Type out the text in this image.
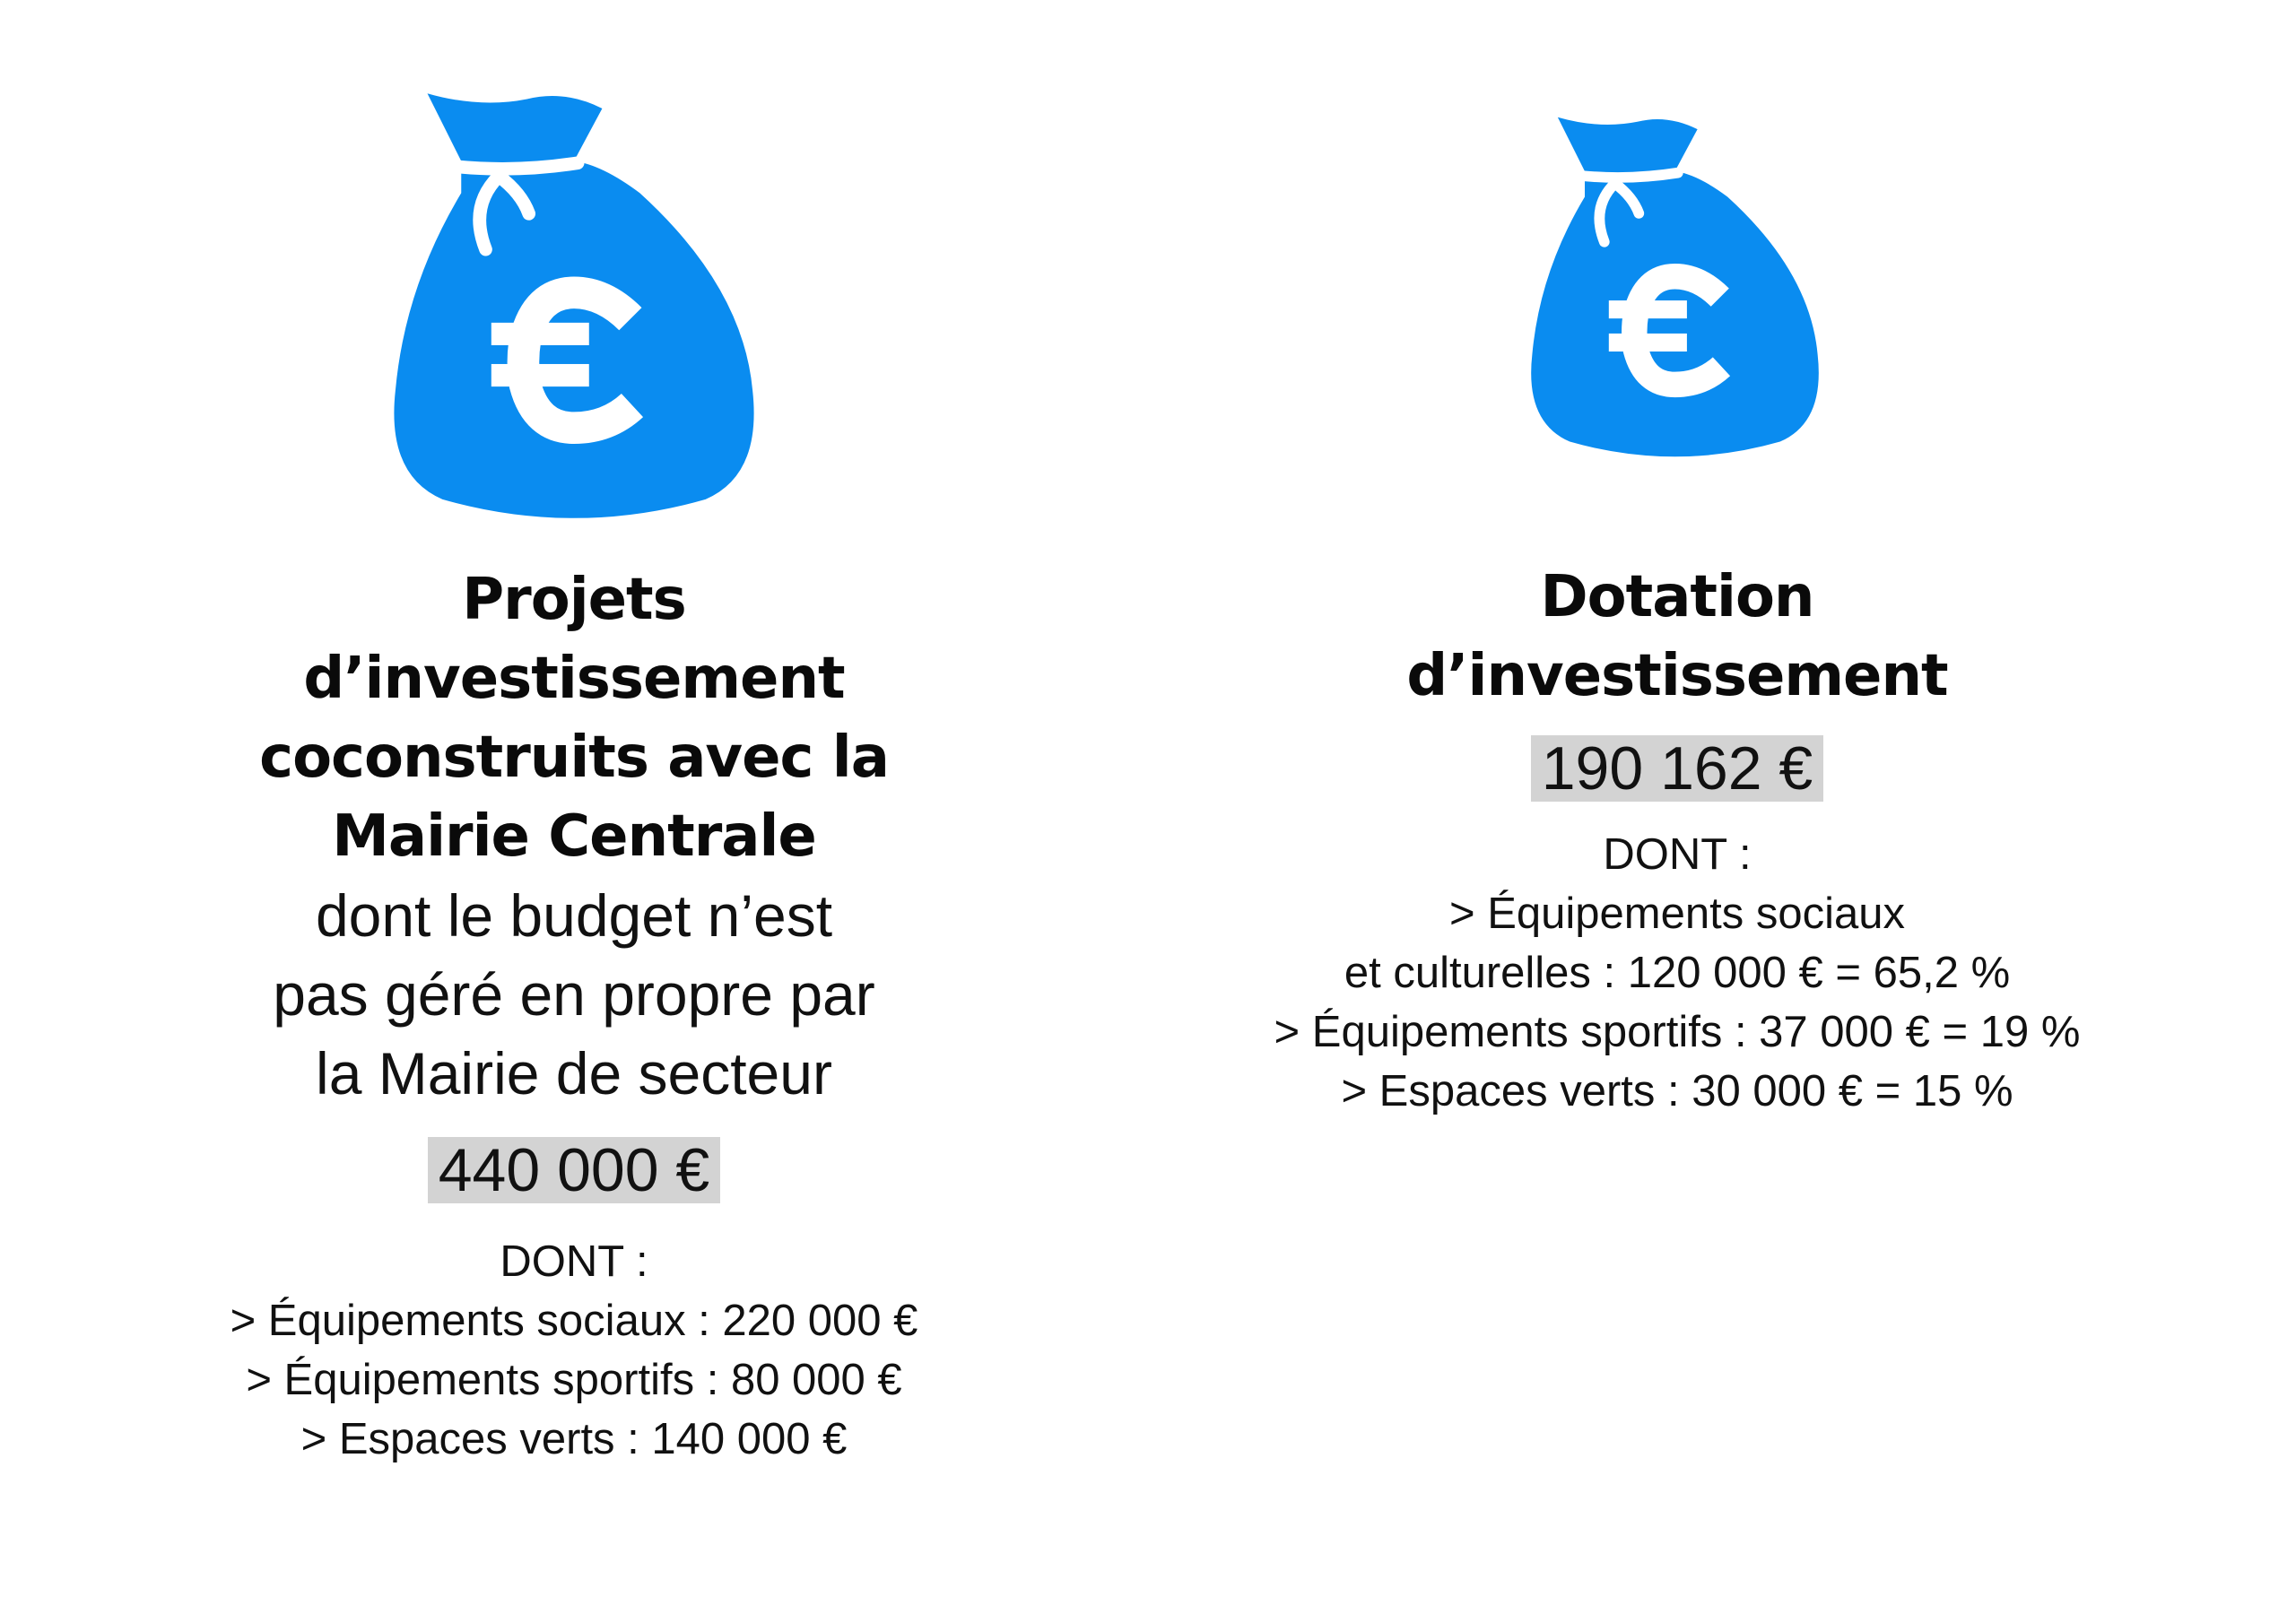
Projets
d’investissement
coconstruits avec la
Mairie Centrale
dont le budget n’est
pas géré en propre par
la Mairie de secteur
440 000 €
DONT :
> Équipements sociaux : 220 000 €
> Équipements sportifs : 80 000 €
> Espaces verts : 140 000 €
Dotation
d’investissement
190 162 €
DONT :
> Équipements sociaux
et culturelles : 120 000 € = 65,2 %
> Équipements sportifs : 37 000 € = 19 %
> Espaces verts : 30 000 € = 15 %
